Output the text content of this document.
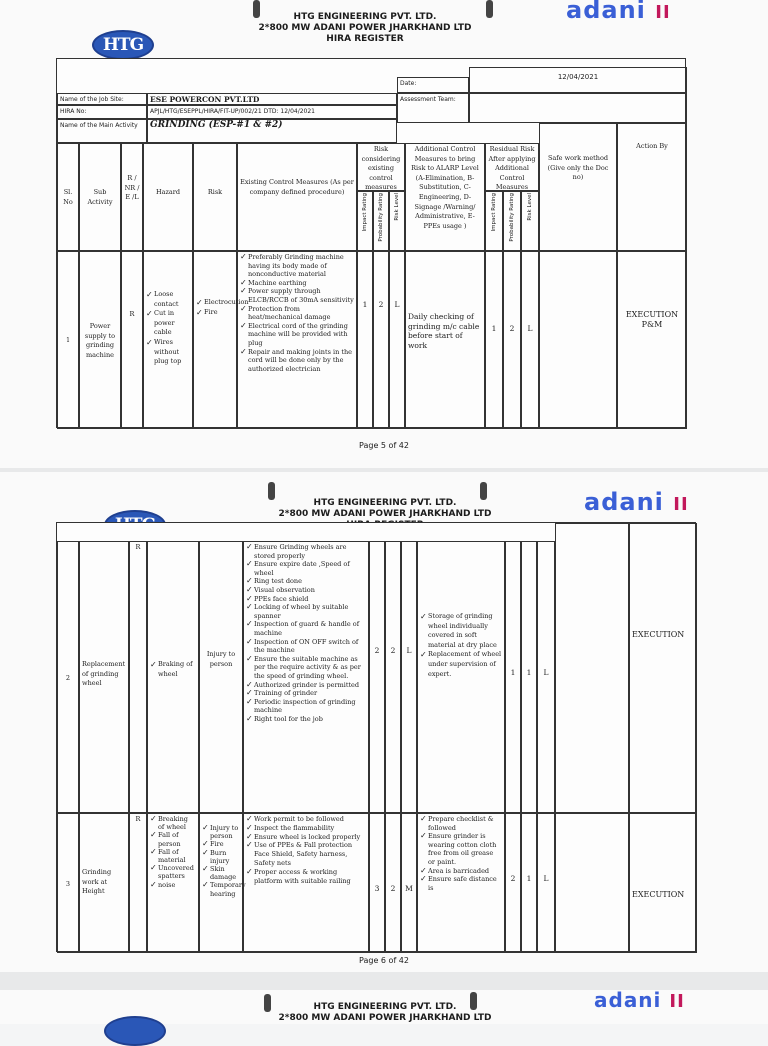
adani II
HTG ENGINEERING PVT. LTD.
2*800 MW ADANI POWER JHARKHAND LTD
HIRA REGISTER
HTG
Name of the Job Site:	ESE POWERCON PVT.LTD
HIRA No:	APJL/HTG/ESEPPL/HIRA/FIT-UP/002/21 DTD: 12/04/2021
Name of the Main Activity	GRINDING (ESP-#1 & #2)
Date:
12/04/2021
Assessment Team:
Sl. No
Sub Activity
R / NR / E /L
Hazard	Risk
Existing Control Measures (As per company defined procedure)
Risk considering existing control measures
Impact Rating	Probability Rating	Risk Level
Additional Control Measures to bring Risk to ALARP Level (A-Elimination, B-Substitution, C-Engineering, D-Signage /Warning/ Administrative, E- PPEs usage )
Residual Risk After applying Additional Control Measures
Impact Rating	Probability Rating	Risk Level
Safe work method (Give only the Doc no)
Action By
1
Power supply to grinding machine
R
✓ Loose contact
✓ Cut in power cable
✓ Wires without plug top
✓ Electrocution
✓ Fire
✓ Preferably Grinding machine having its body made of nonconductive material
✓ Machine earthing
✓ Power supply through ELCB/RCCB of 30mA sensitivity
✓ Protection from heat/mechanical damage
✓ Electrical cord of the grinding machine will be provided with plug
✓ Repair and making joints in the cord will be done only by the authorized electrician
1	2	L
Daily checking of grinding m/c cable before start of work
1	2	L
EXECUTION P&M
Page 5 of 42
adani II
HTG ENGINEERING PVT. LTD.
2*800 MW ADANI POWER JHARKHAND LTD
2
Replacement of grinding wheel
R
✓ Braking of wheel
Injury to person
✓ Ensure Grinding wheels are stored properly
✓ Ensure expire date ,Speed of wheel
✓ Ring test done
✓ Visual observation
✓ PPEs face shield
✓ Locking of wheel by suitable spanner
✓ Inspection of guard & handle of machine
✓ Inspection of ON OFF switch of the machine
✓ Ensure the suitable machine as per the require activity & as per the speed of grinding wheel.
✓ Authorized grinder is permitted
✓ Training of grinder
✓ Periodic inspection of grinding machine
✓ Right tool for the job
2	2	L
✓ Storage of grinding wheel individually covered in soft material at dry place
✓ Replacement of wheel under supervision of expert.	1	1	L
EXECUTION
3
Grinding work at Height
R
✓	Breaking of wheel
✓ Fall of person
✓ Fall of material
✓ Uncovered spatters
✓ noise
✓ Injury to person
✓ Fire
✓ Burn injury
✓ Skin damage
✓ Temporary hearing
✓ Work permit to be followed
✓ Inspect the flammability
✓ Ensure wheel is locked properly
✓ Use of PPEs & Fall protection Face Shield, Safety harness, Safety nets
✓ Proper access & working platform with suitable railing
3	2	M
✓ Prepare checklist & followed
✓ Ensure grinder is wearing cotton cloth free from oil grease or paint.
✓ Area is barricaded
✓ Ensure safe distance is
2	1	L
EXECUTION
Page 6 of 42
adani II
HTG ENGINEERING PVT. LTD.
2*800 MW ADANI POWER JHARKHAND LTD
